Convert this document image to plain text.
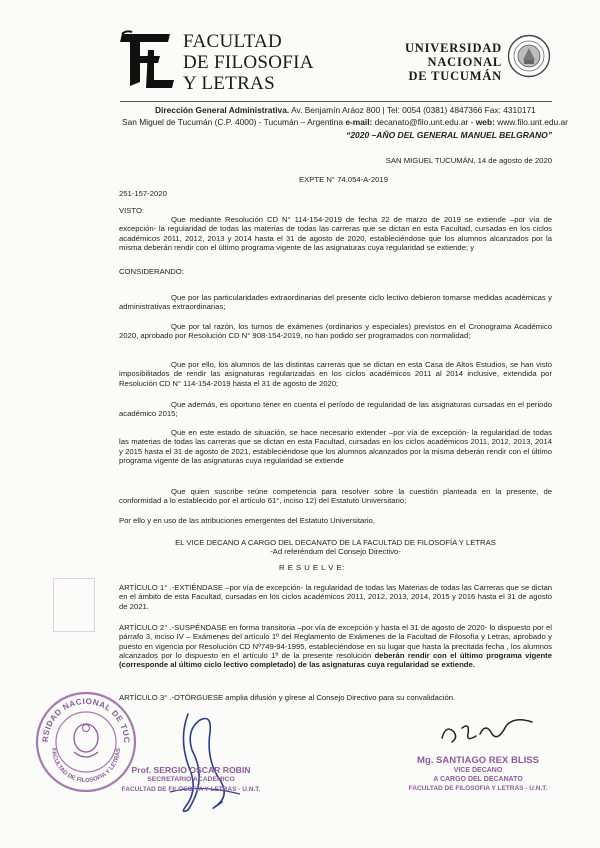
FACULTAD
DE FILOSOFIA
Y LETRAS
UNIVERSIDAD
NACIONAL
DE TUCUMÁN
Dirección General Administrativa. Av. Benjamín Aráoz 800 | Tel: 0054 (0381) 4847366 Fax: 4310171
San Miguel de Tucumán (C.P. 4000) - Tucumán – Argentina e-mail: decanato@filo.unt.edu.ar - web: www.filo.unt.edu.ar
“2020 –AÑO DEL GENERAL MANUEL BELGRANO”
SAN MIGUEL TUCUMÁN, 14 de agosto de 2020
EXPTE N° 74.054-A-2019
251-157-2020
VISTO:
Que mediante Resolución CD N° 114-154-2019 de fecha 22 de marzo de 2019 se extiende –por vía de excepción- la regularidad de todas las materias de todas las carreras que se dictan en esta Facultad, cursadas en los ciclos académicos 2011, 2012, 2013 y 2014 hasta el 31 de agosto de 2020, estableciéndose que los alumnos alcanzados por la misma deberán rendir con el último programa vigente de las asignaturas cuya regularidad se extiende; y
CONSIDERANDO:
Que por las particularidades extraordinarias del presente ciclo lectivo debieron tomarse medidas académicas y administrativas extraordinarias;
Que por tal razón, los turnos de exámenes (ordinarios y especiales) previstos en el Cronograma Académico 2020, aprobado por Resolución CD N° 908-154-2019, no han podido ser programados con normalidad;
Que por ello, los alumnos de las distintas carreras que se dictan en esta Casa de Altos Estudios, se han visto imposibilitados de rendir las asignaturas regularizadas en los ciclos académicos 2011 al 2014 inclusive, extendida por Resolución CD N° 114-154-2019 hasta el 31 de agosto de 2020;
Que además, es oportuno tener en cuenta el período de regularidad de las asignaturas cursadas en el periodo académico 2015;
Que en este estado de situación, se hace necesario extender –por vía de excepción- la regularidad de todas las materias de todas las carreras que se dictan en esta Facultad, cursadas en los ciclos académicos 2011, 2012, 2013, 2014 y 2015 hasta el 31 de agosto de 2021, estableciéndose que los alumnos alcanzados por la misma deberán rendir con el último programa vigente de las asignaturas cuya regularidad se extiende
Que quien suscribe reúne competencia para resolver sobre la cuestión planteada en la presente, de conformidad a lo establecido por el artículo 61°, inciso 12) del Estatuto Universitario;
Por ello y en uso de las atribuciones emergentes del Estatuto Universitario,
EL VICE DECANO A CARGO DEL DECANATO DE LA FACULTAD DE FILOSOFÍA Y LETRAS
-Ad referéndum del Consejo Directivo-
R E S U E L V E:
ARTÍCULO 1° .-EXTIÉNDASE –por vía de excepción- la regularidad de todas las Materias de todas las Carreras que se dictan en el ámbito de esta Facultad, cursadas en los ciclos académicos 2011, 2012, 2013, 2014, 2015 y 2016 hasta el 31 de agosto de 2021.
ARTÍCULO 2° .-SUSPÉNDASE en forma transitoria –por vía de excepción y hasta el 31 de agosto de 2020- lo dispuesto por el párrafo 3, inciso IV – Exámenes del artículo 1º del Reglamento de Exámenes de la Facultad de Filosofía y Letras, aprobado y puesto en vigencia por Resolución CD Nº749-94-1995, estableciéndose en su lugar que hasta la precitada fecha , los alumnos alcanzados por lo dispuesto en el artículo 1º de la presente resolución deberán rendir con el último programa vigente (corresponde al último ciclo lectivo completado) de las asignaturas cuya regularidad se extiende.
ARTÍCULO 3° .-OTÓRGUESE amplia difusión y gírese al Consejo Directivo para su convalidación.
RSIDAD NACIONAL DE TUC
FACULTAD DE FILOSOFIA Y LETRAS
Prof. SERGIO OSCAR ROBIN
SECRETARIO ACADEMICO
FACULTAD DE FILOSOFIA Y LETRAS - U.N.T.
Mg. SANTIAGO REX BLISS
VICE DECANO
A CARGO DEL DECANATO
FACULTAD DE FILOSOFIA Y LETRAS - U.N.T.
